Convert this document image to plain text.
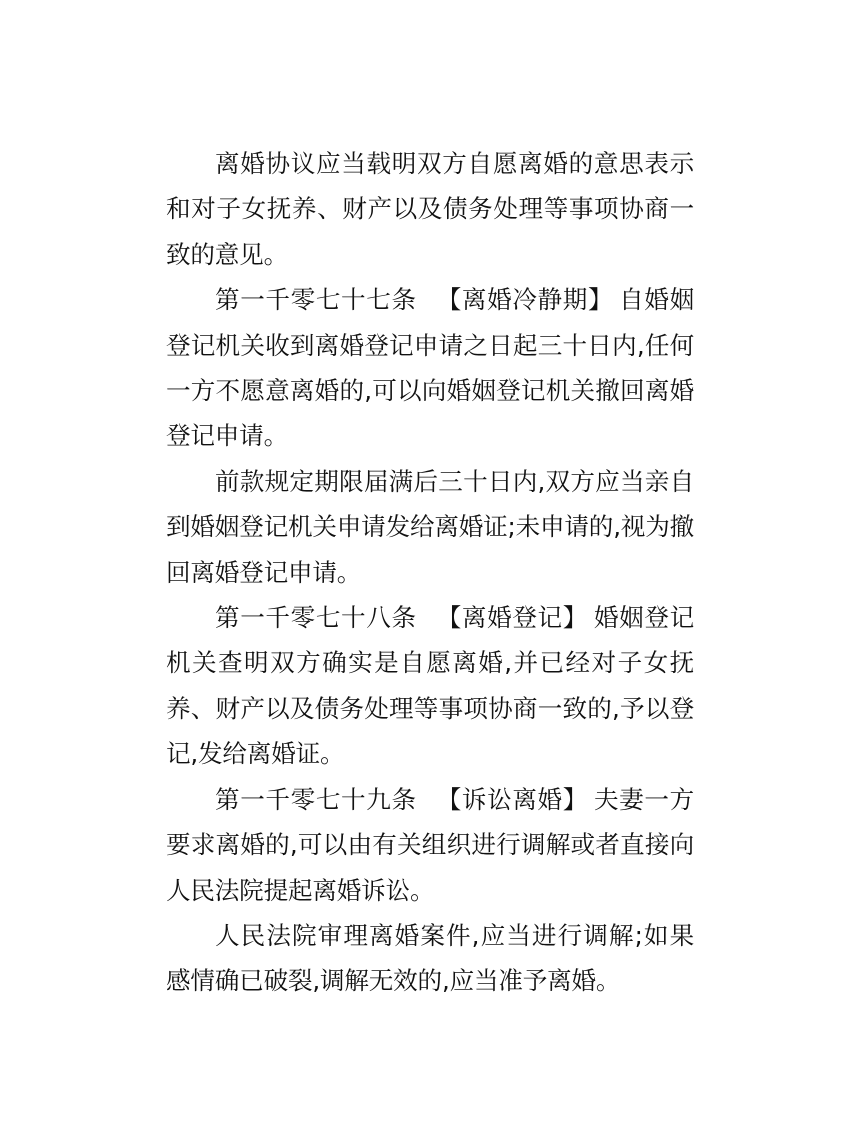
离婚协议应当载明双方自愿离婚的意思表示和对子女抚养、财产以及债务处理等事项协商一致的意见。

第一千零七十七条 【离婚冷静期】 自婚姻登记机关收到离婚登记申请之日起三十日内,任何一方不愿意离婚的,可以向婚姻登记机关撤回离婚登记申请。

前款规定期限届满后三十日内,双方应当亲自到婚姻登记机关申请发给离婚证;未申请的,视为撤回离婚登记申请。

第一千零七十八条 【离婚登记】 婚姻登记机关查明双方确实是自愿离婚,并已经对子女抚养、财产以及债务处理等事项协商一致的,予以登记,发给离婚证。

第一千零七十九条 【诉讼离婚】 夫妻一方要求离婚的,可以由有关组织进行调解或者直接向人民法院提起离婚诉讼。

人民法院审理离婚案件,应当进行调解;如果感情确已破裂,调解无效的,应当准予离婚。
